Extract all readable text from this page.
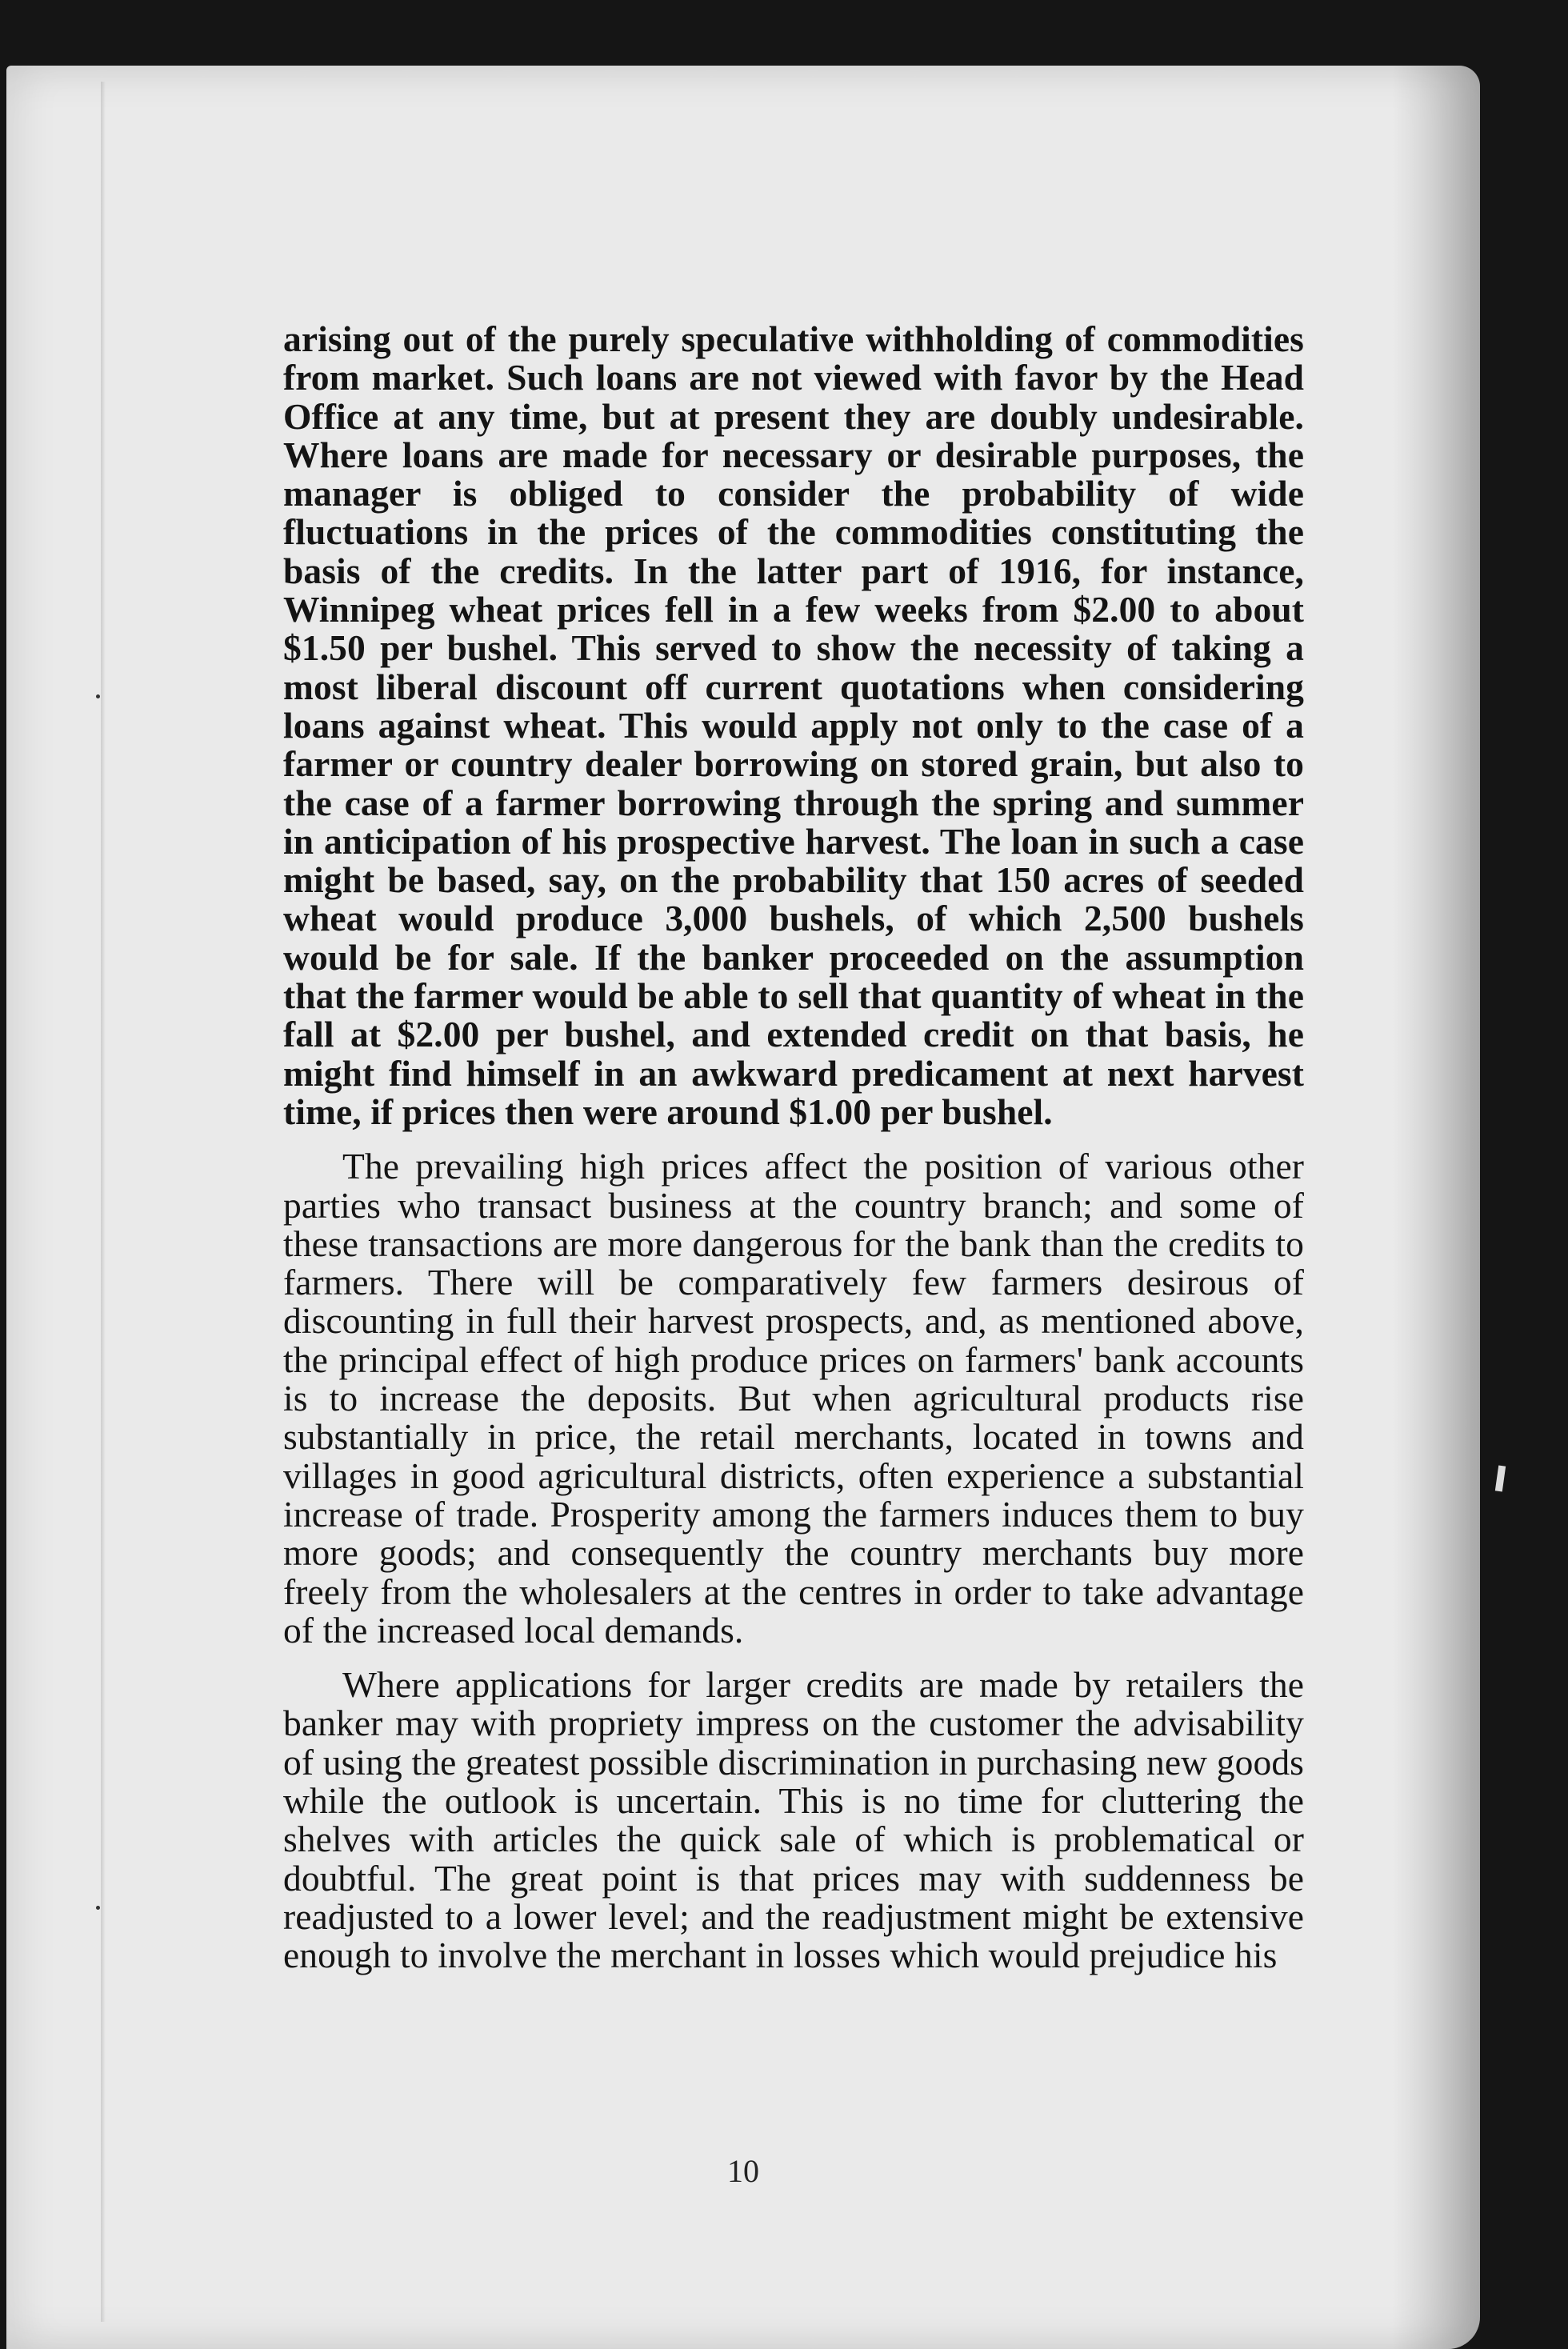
arising out of the purely speculative withholding of commodities from market. Such loans are not viewed with favor by the Head Office at any time, but at present they are doubly undesirable. Where loans are made for necessary or desirable purposes, the manager is obliged to consider the probability of wide fluctuations in the prices of the commodities constituting the basis of the credits. In the latter part of 1916, for instance, Winnipeg wheat prices fell in a few weeks from $2.00 to about $1.50 per bushel. This served to show the necessity of taking a most liberal discount off current quotations when considering loans against wheat. This would apply not only to the case of a farmer or country dealer borrowing on stored grain, but also to the case of a farmer borrowing through the spring and summer in anticipation of his prospective harvest. The loan in such a case might be based, say, on the probability that 150 acres of seeded wheat would produce 3,000 bushels, of which 2,500 bushels would be for sale. If the banker proceeded on the assumption that the farmer would be able to sell that quantity of wheat in the fall at $2.00 per bushel, and extended credit on that basis, he might find himself in an awkward predicament at next harvest time, if prices then were around $1.00 per bushel.

The prevailing high prices affect the position of various other parties who transact business at the country branch; and some of these transactions are more dangerous for the bank than the credits to farmers. There will be comparatively few farmers desirous of discounting in full their harvest prospects, and, as mentioned above, the principal effect of high produce prices on farmers' bank accounts is to increase the deposits. But when agricultural products rise substantially in price, the retail merchants, located in towns and villages in good agricultural districts, often experience a substantial increase of trade. Prosperity among the farmers induces them to buy more goods; and consequently the country merchants buy more freely from the wholesalers at the centres in order to take advantage of the increased local demands.

Where applications for larger credits are made by retailers the banker may with propriety impress on the customer the advisability of using the greatest possible discrimination in purchasing new goods while the outlook is uncertain. This is no time for cluttering the shelves with articles the quick sale of which is problematical or doubtful. The great point is that prices may with suddenness be readjusted to a lower level; and the readjustment might be extensive enough to involve the merchant in losses which would prejudice his

10
